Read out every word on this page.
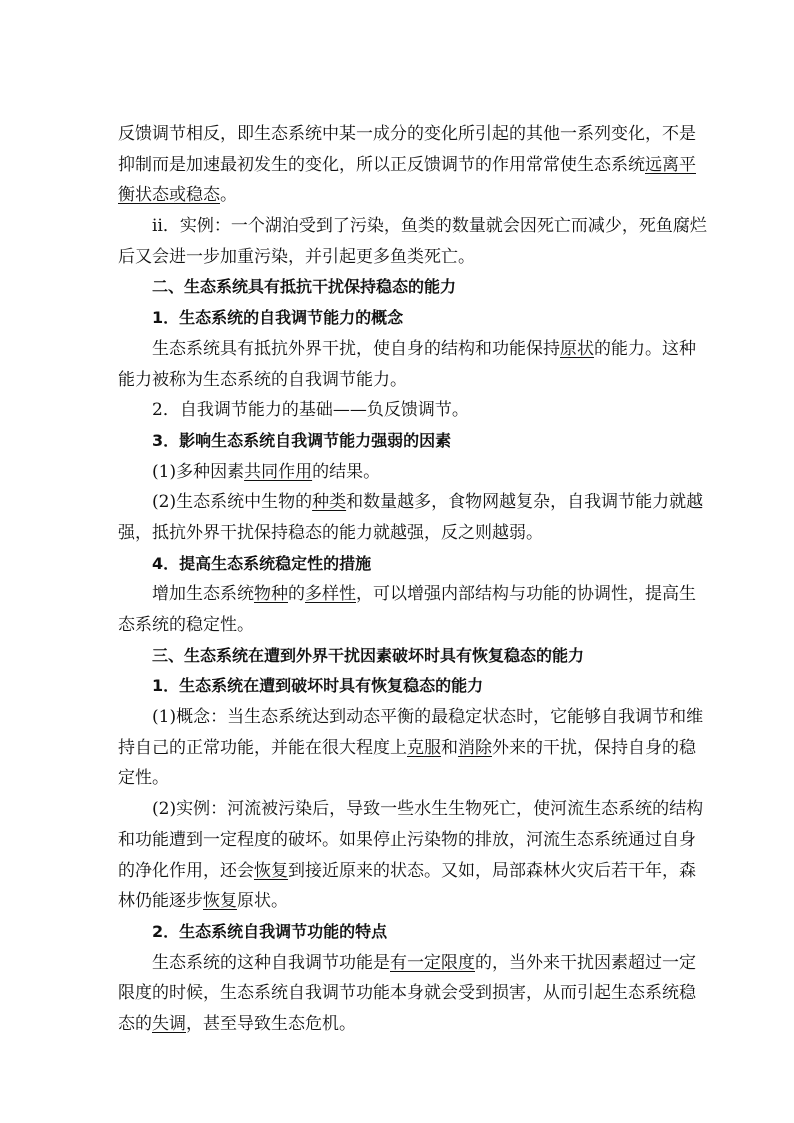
反馈调节相反，即生态系统中某一成分的变化所引起的其他一系列变化，不是
抑制而是加速最初发生的变化，所以正反馈调节的作用常常使生态系统远离平
衡状态或稳态。
ⅱ．实例：一个湖泊受到了污染，鱼类的数量就会因死亡而减少，死鱼腐烂
后又会进一步加重污染，并引起更多鱼类死亡。
二、生态系统具有抵抗干扰保持稳态的能力
1．生态系统的自我调节能力的概念
生态系统具有抵抗外界干扰，使自身的结构和功能保持原状的能力。这种
能力被称为生态系统的自我调节能力。
2．自我调节能力的基础——负反馈调节。
3．影响生态系统自我调节能力强弱的因素
(1)多种因素共同作用的结果。
(2)生态系统中生物的种类和数量越多，食物网越复杂，自我调节能力就越
强，抵抗外界干扰保持稳态的能力就越强，反之则越弱。
4．提高生态系统稳定性的措施
增加生态系统物种的多样性，可以增强内部结构与功能的协调性，提高生
态系统的稳定性。
三、生态系统在遭到外界干扰因素破坏时具有恢复稳态的能力
1．生态系统在遭到破坏时具有恢复稳态的能力
(1)概念：当生态系统达到动态平衡的最稳定状态时，它能够自我调节和维
持自己的正常功能，并能在很大程度上克服和消除外来的干扰，保持自身的稳
定性。
(2)实例：河流被污染后，导致一些水生生物死亡，使河流生态系统的结构
和功能遭到一定程度的破坏。如果停止污染物的排放，河流生态系统通过自身
的净化作用，还会恢复到接近原来的状态。又如，局部森林火灾后若干年，森
林仍能逐步恢复原状。
2．生态系统自我调节功能的特点
生态系统的这种自我调节功能是有一定限度的，当外来干扰因素超过一定
限度的时候，生态系统自我调节功能本身就会受到损害，从而引起生态系统稳
态的失调，甚至导致生态危机。
